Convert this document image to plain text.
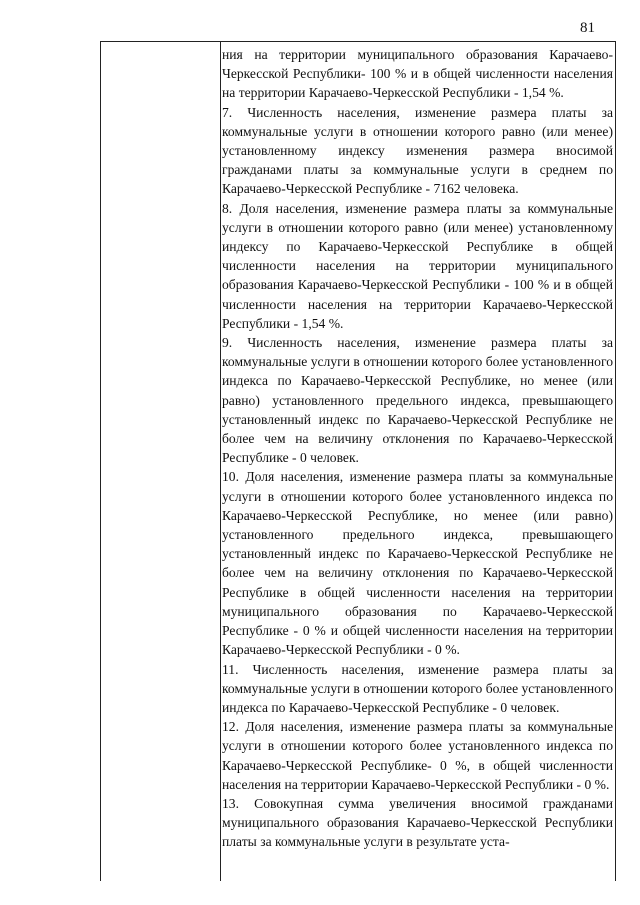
81

ния на территории муниципального образования Карачаево-Черкесской Республики- 100 % и в общей численности населения на территории Карачаево-Черкесской Республики - 1,54 %.

7. Численность населения, изменение размера платы за коммунальные услуги в отношении которого равно (или менее) установленному индексу изменения размера вносимой гражданами платы за коммунальные услуги в среднем по Карачаево-Черкесской Республике - 7162 человека.

8. Доля населения, изменение размера платы за коммунальные услуги в отношении которого равно (или менее) установленному индексу по Карачаево-Черкесской Республике в общей численности населения на территории муниципального образования Карачаево-Черкесской Республики - 100 % и в общей численности населения на территории Карачаево-Черкесской Республики - 1,54 %.

9. Численность населения, изменение размера платы за коммунальные услуги в отношении которого более установленного индекса по Карачаево-Черкесской Республике, но менее (или равно) установленного предельного индекса, превышающего установленный индекс по Карачаево-Черкесской Республике не более чем на величину отклонения по Карачаево-Черкесской Республике - 0 человек.

10. Доля населения, изменение размера платы за коммунальные услуги в отношении которого более установленного индекса по Карачаево-Черкесской Республике, но менее (или равно) установленного предельного индекса, превышающего установленный индекс по Карачаево-Черкесской Республике не более чем на величину отклонения по Карачаево-Черкесской Республике в общей численности населения на территории муниципального образования по Карачаево-Черкесской Республике - 0 % и общей численности населения на территории Карачаево-Черкесской Республики - 0 %.

11. Численность населения, изменение размера платы за коммунальные услуги в отношении которого более установленного индекса по Карачаево-Черкесской Республике - 0 человек.

12. Доля населения, изменение размера платы за коммунальные услуги в отношении которого более установленного индекса по Карачаево-Черкесской Республике- 0 %, в общей численности населения на территории Карачаево-Черкесской Республики - 0 %.

13. Совокупная сумма увеличения вносимой гражданами муниципального образования Карачаево-Черкесской Республики платы за коммунальные услуги в результате уста-
